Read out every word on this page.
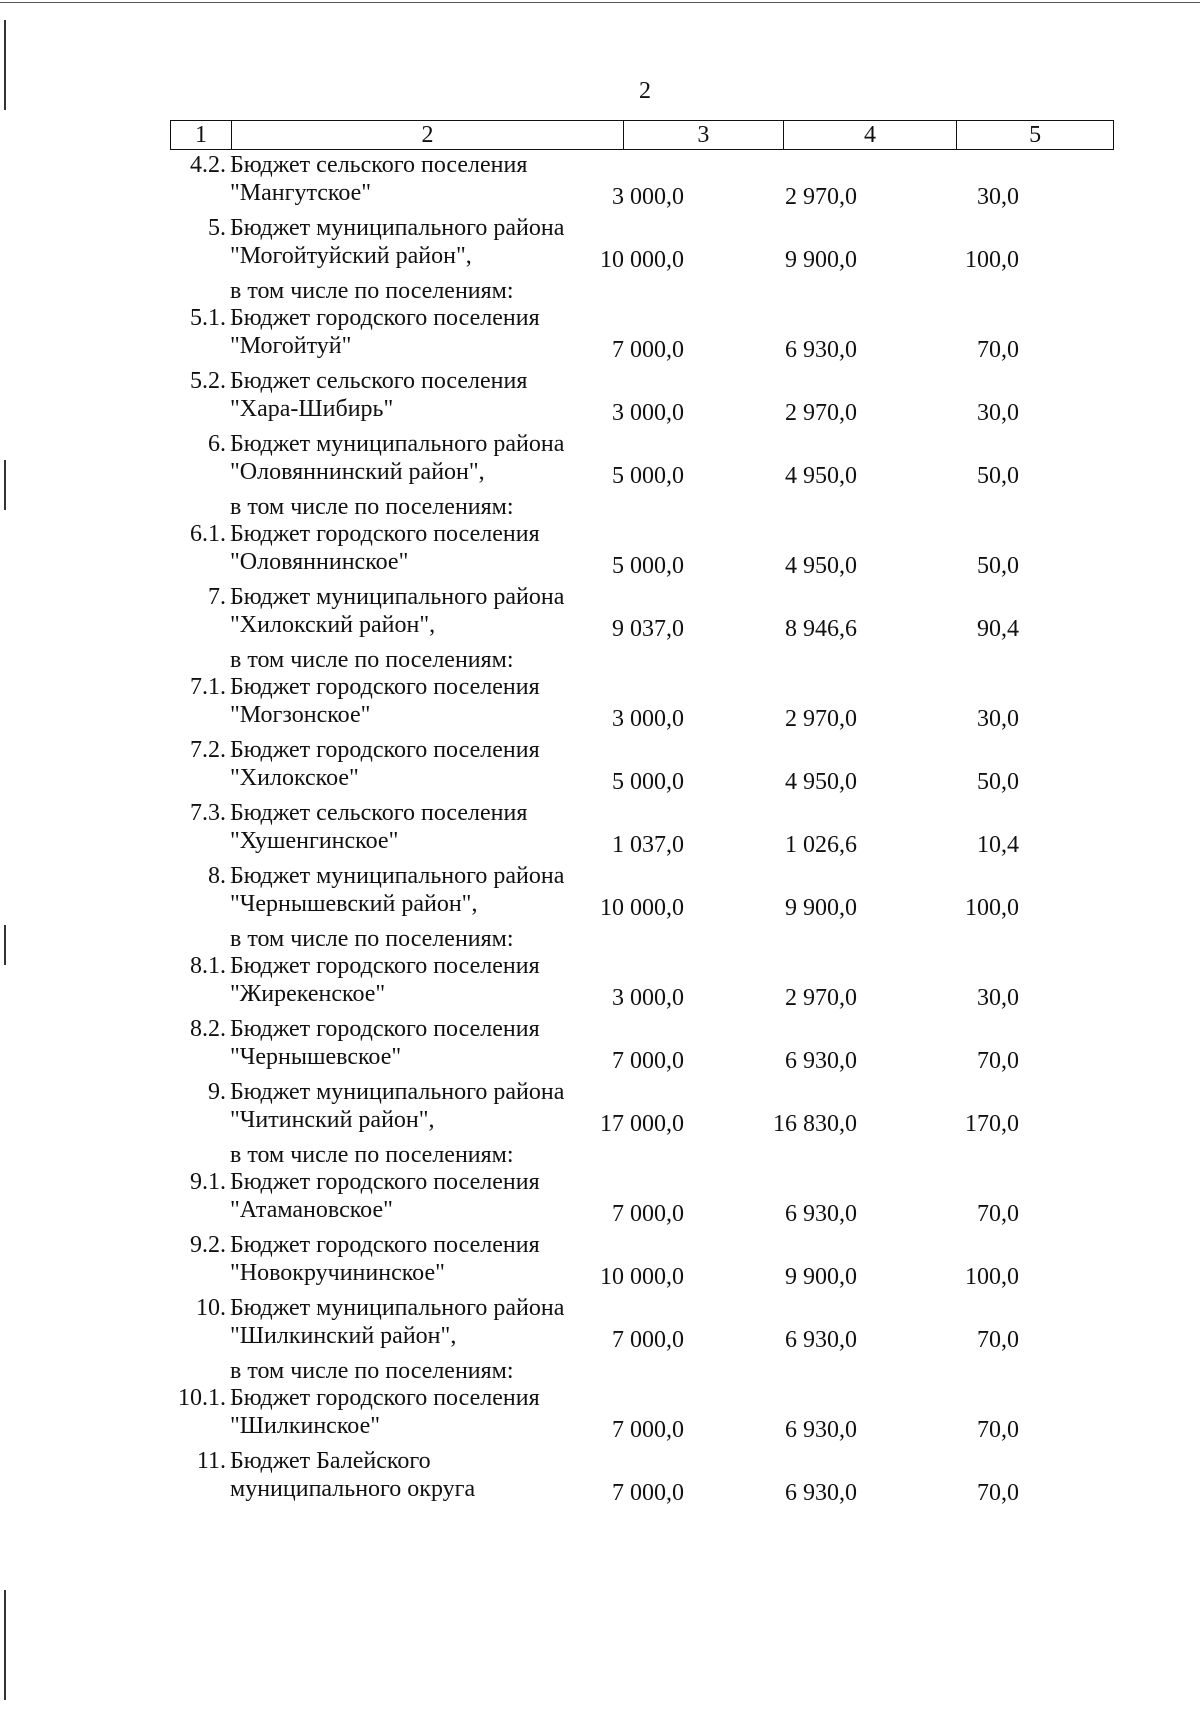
2
1	2	3	4	5
4.2. Бюджет сельского поселения
"Мангутское"	3 000,0	2 970,0	30,0
5. Бюджет муниципального района
"Могойтуйский район",	10 000,0	9 900,0	100,0
в том числе по поселениям:
5.1. Бюджет городского поселения
"Могойтуй"	7 000,0	6 930,0	70,0
5.2. Бюджет сельского поселения
"Хара-Шибирь"	3 000,0	2 970,0	30,0
6. Бюджет муниципального района
"Оловяннинский район",	5 000,0	4 950,0	50,0
в том числе по поселениям:
6.1. Бюджет городского поселения
"Оловяннинское"	5 000,0	4 950,0	50,0
7. Бюджет муниципального района
"Хилокский район",	9 037,0	8 946,6	90,4
в том числе по поселениям:
7.1. Бюджет городского поселения
"Могзонское"	3 000,0	2 970,0	30,0
7.2. Бюджет городского поселения
"Хилокское"	5 000,0	4 950,0	50,0
7.3. Бюджет сельского поселения
"Хушенгинское"	1 037,0	1 026,6	10,4
8. Бюджет муниципального района
"Чернышевский район",	10 000,0	9 900,0	100,0
в том числе по поселениям:
8.1. Бюджет городского поселения
"Жирекенское"	3 000,0	2 970,0	30,0
8.2. Бюджет городского поселения
"Чернышевское"	7 000,0	6 930,0	70,0
9. Бюджет муниципального района
"Читинский район",	17 000,0	16 830,0	170,0
в том числе по поселениям:
9.1. Бюджет городского поселения
"Атамановское"	7 000,0	6 930,0	70,0
9.2. Бюджет городского поселения
"Новокручининское"	10 000,0	9 900,0	100,0
10. Бюджет муниципального района
"Шилкинский район",	7 000,0	6 930,0	70,0
в том числе по поселениям:
10.1. Бюджет городского поселения
"Шилкинское"	7 000,0	6 930,0	70,0
11. Бюджет Балейского
муниципального округа	7 000,0	6 930,0	70,0
